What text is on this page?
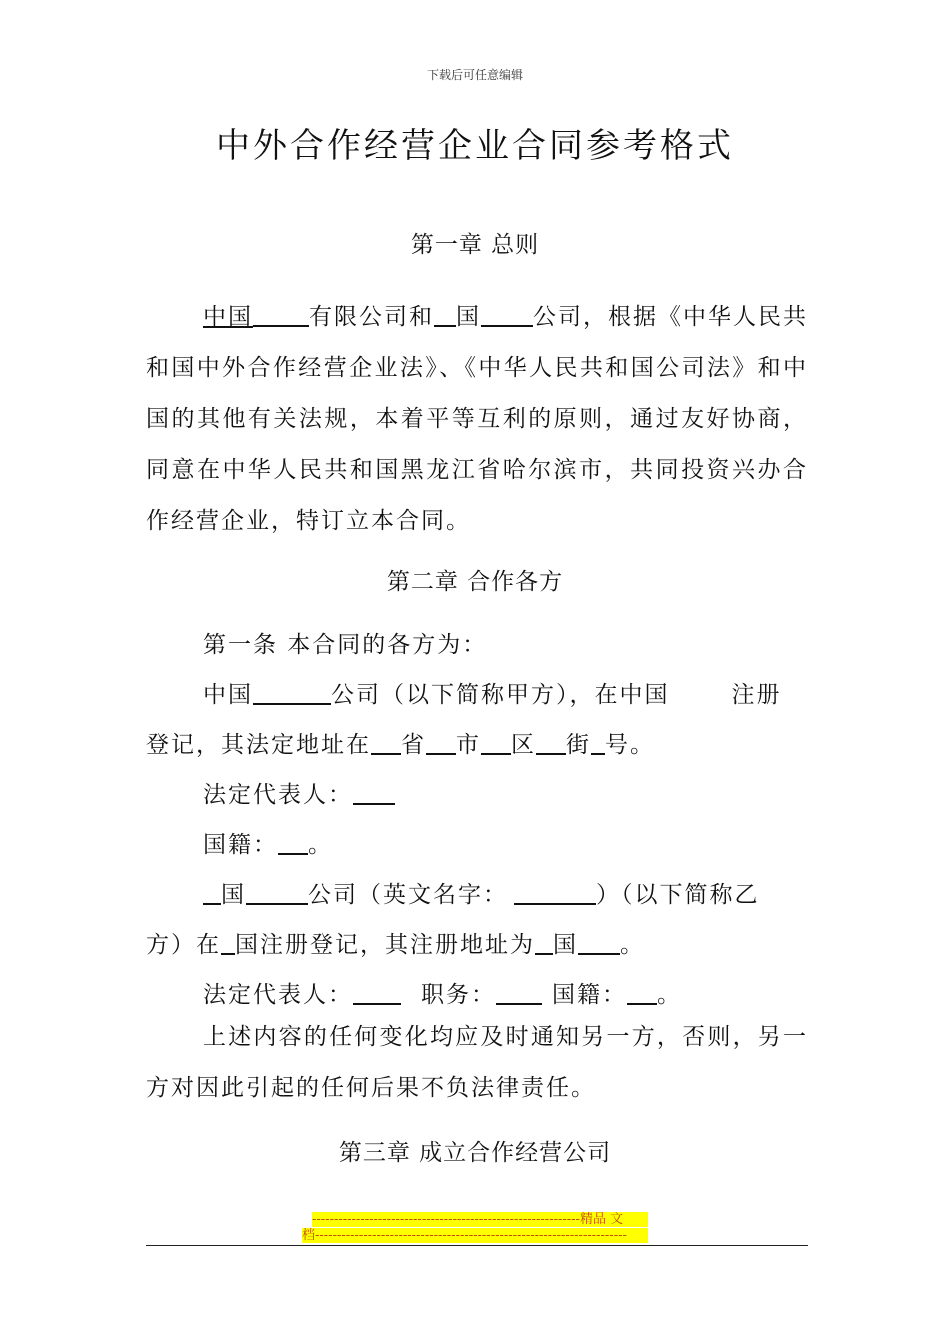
下载后可任意编辑
中外合作经营企业合同参考格式
第一章 总则

中国 有限公司和 国 公司，根据《中华人民共和国中外合作经营企业法》、《中华人民共和国公司法》和中国的其他有关法规，本着平等互利的原则，通过友好协商，同意在中华人民共和国黑龙江省哈尔滨市，共同投资兴办合作经营企业，特订立本合同。

第二章 合作各方
第一条 本合同的各方为：
中国	公司（以下简称甲方），在中国	注册
登记，其法定地址在 省 市 区 街 号。
法定代表人：
国籍： 。
国	公司（英文名字：	）（以下简称乙
方）在 国注册登记，其注册地址为 国 。
法定代表人：	职务： 国籍： 。

上述内容的任何变化均应及时通知另一方，否则，另一方对因此引起的任何后果不负法律责任。

第三章 成立合作经营公司
-------------------------------------------------------------精品 文
档-----------------------------------------------------------------------
